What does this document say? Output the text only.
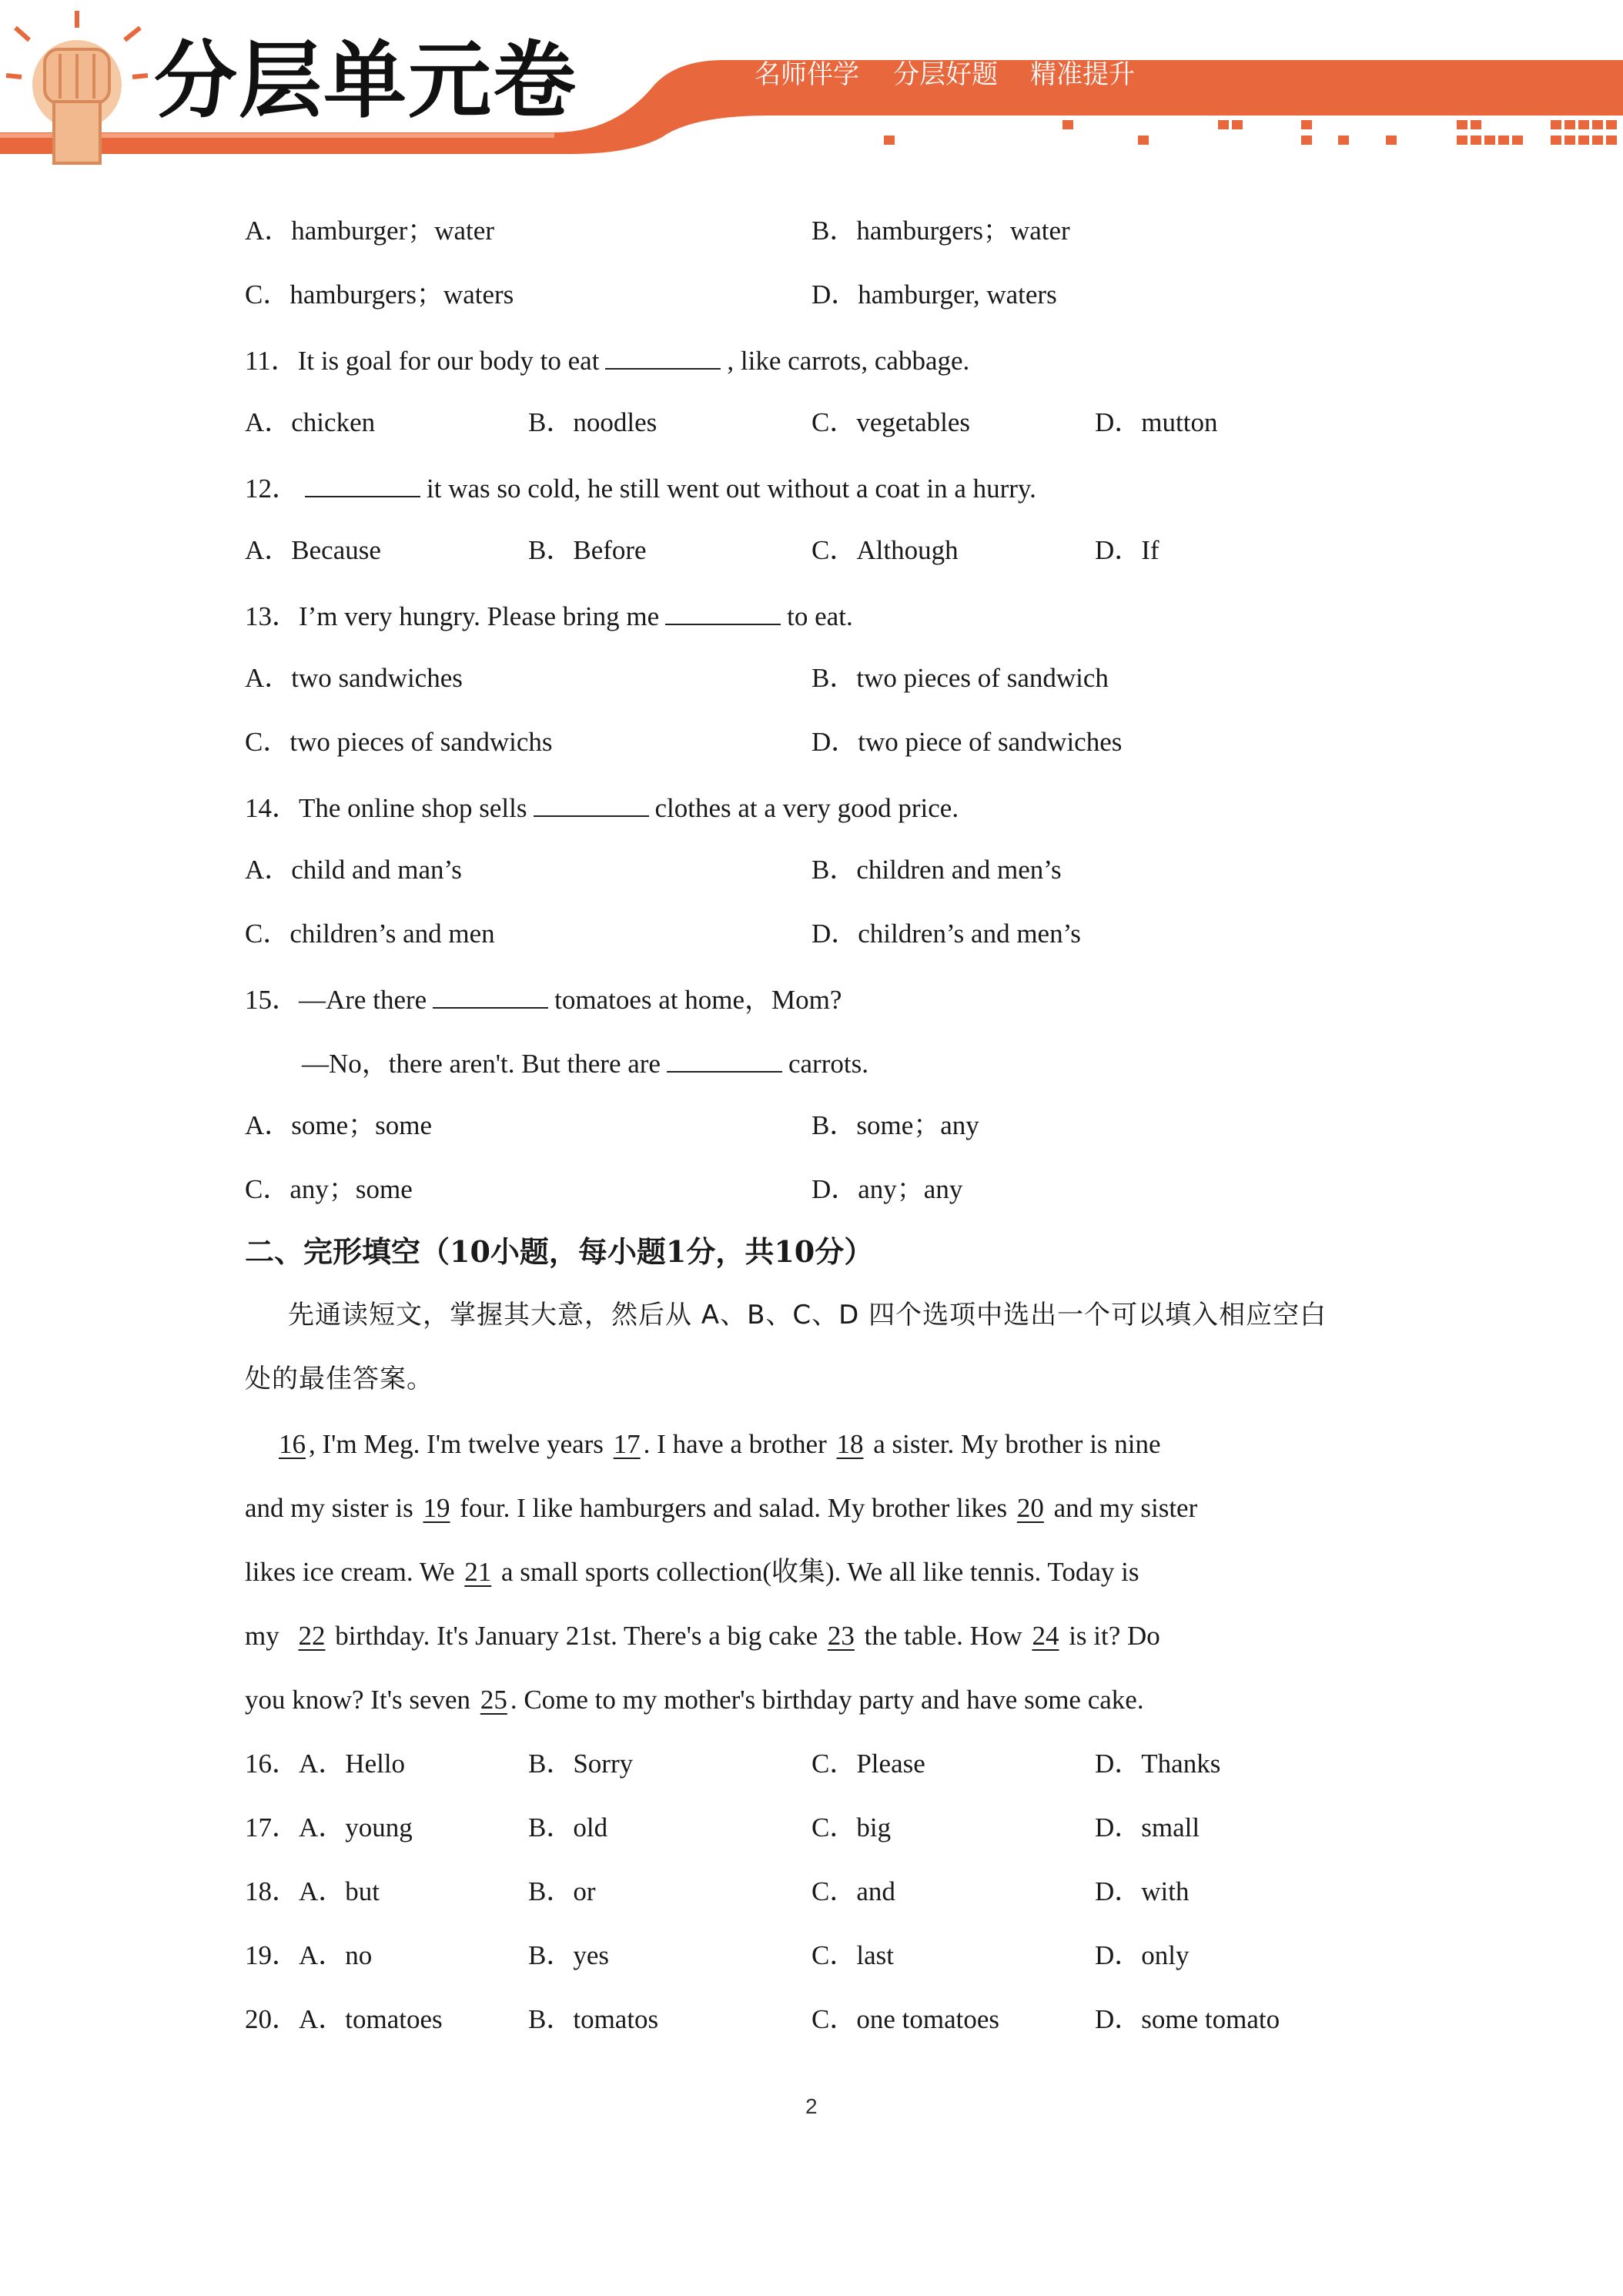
分层单元卷	名师伴学 分层好题 精准提升
A．hamburger；water	B．hamburgers；water
C．hamburgers；waters	D．hamburger, waters
11．It is goal for our body to eat	, like carrots, cabbage.
A．chicken	B．noodles	C．vegetables	D．mutton
12．	it was so cold, he still went out without a coat in a hurry.
A．Because	B．Before	C．Although	D．If
13．I’m very hungry. Please bring me	to eat.
A．two sandwiches	B．two pieces of sandwich
C．two pieces of sandwichs	D．two piece of sandwiches
14．The online shop sells	clothes at a very good price.
A．child and man’s	B．children and men’s
C．children’s and men	D．children’s and men’s
15．—Are there	tomatoes at home，Mom?
—No，there aren't. But there are	carrots.
A．some；some	B．some；any
C．any；some	D．any；any
二、完形填空（10小题，每小题1分，共10分）
先通读短文，掌握其大意，然后从 A、B、C、D 四个选项中选出一个可以填入相应空白
处的最佳答案。
16 , I'm Meg. I'm twelve years 17 . I have a brother 18 a sister. My brother is nine
and my sister is 19 four. I like hamburgers and salad. My brother likes 20 and my sister
likes ice cream. We 21 a small sports collection(收集). We all like tennis. Today is
my 22 birthday. It's January 21st. There's a big cake 23 the table. How 24 is it? Do
you know? It's seven 25 . Come to my mother's birthday party and have some cake.
16．A．Hello	B．Sorry	C．Please	D．Thanks
17．A．young	B．old	C．big	D．small
18．A．but	B．or	C．and	D．with
19．A．no	B．yes	C．last	D．only
20．A．tomatoes	B．tomatos	C．one tomatoes	D．some tomato
2
